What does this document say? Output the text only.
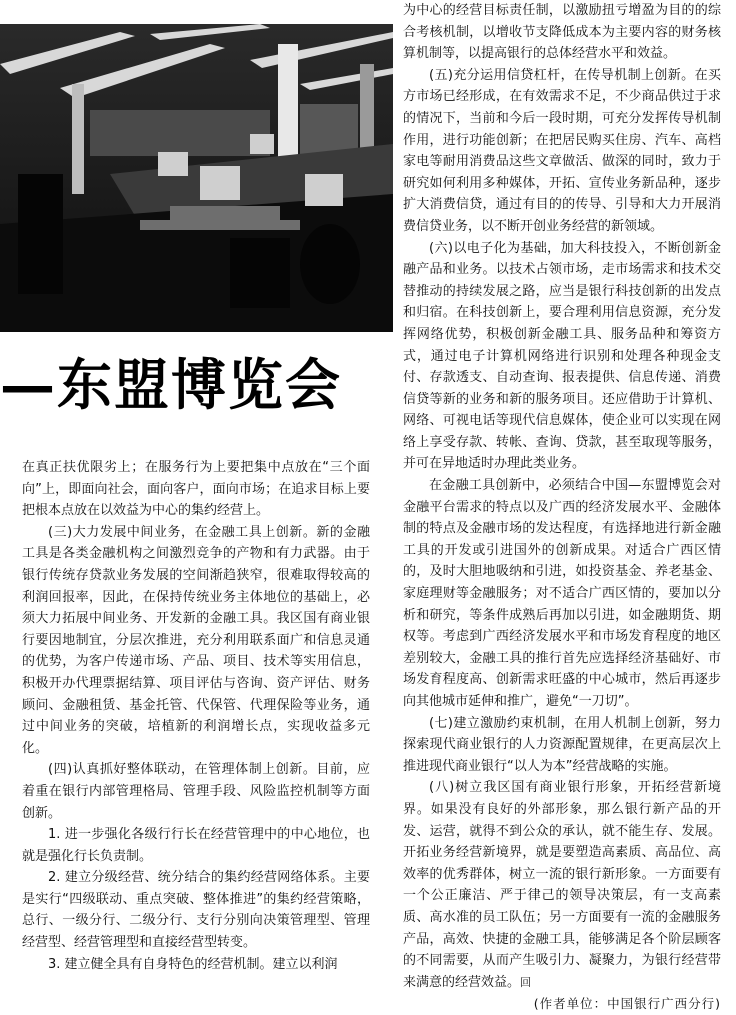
—东盟博览会

在真正扶优限劣上；在服务行为上要把集中点放在“三个面向”上，即面向社会，面向客户，面向市场；在追求目标上要把根本点放在以效益为中心的集约经营上。

(三)大力发展中间业务，在金融工具上创新。新的金融工具是各类金融机构之间激烈竞争的产物和有力武器。由于银行传统存贷款业务发展的空间渐趋狭窄，很难取得较高的利润回报率，因此，在保持传统业务主体地位的基础上，必须大力拓展中间业务、开发新的金融工具。我区国有商业银行要因地制宜，分层次推进，充分利用联系面广和信息灵通的优势，为客户传递市场、产品、项目、技术等实用信息，积极开办代理票据结算、项目评估与咨询、资产评估、财务顾问、金融租赁、基金托管、代保管、代理保险等业务，通过中间业务的突破，培植新的利润增长点，实现收益多元化。

(四)认真抓好整体联动，在管理体制上创新。目前，应着重在银行内部管理格局、管理手段、风险监控机制等方面创新。

1. 进一步强化各级行行长在经营管理中的中心地位，也就是强化行长负责制。

2. 建立分级经营、统分结合的集约经营网络体系。主要是实行“四级联动、重点突破、整体推进”的集约经营策略，总行、一级分行、二级分行、支行分别向决策管理型、管理经营型、经营管理型和直接经营型转变。

3. 建立健全具有自身特色的经营机制。建立以利润

为中心的经营目标责任制，以激励扭亏增盈为目的的综合考核机制，以增收节支降低成本为主要内容的财务核算机制等，以提高银行的总体经营水平和效益。

(五)充分运用信贷杠杆，在传导机制上创新。在买方市场已经形成，在有效需求不足，不少商品供过于求的情况下，当前和今后一段时期，可充分发挥传导机制作用，进行功能创新；在把居民购买住房、汽车、高档家电等耐用消费品这些文章做活、做深的同时，致力于研究如何利用多种媒体，开拓、宣传业务新品种，逐步扩大消费信贷，通过有目的的传导、引导和大力开展消费信贷业务，以不断开创业务经营的新领域。

(六)以电子化为基础，加大科技投入，不断创新金融产品和业务。以技术占领市场，走市场需求和技术交替推动的持续发展之路，应当是银行科技创新的出发点和归宿。在科技创新上，要合理利用信息资源，充分发挥网络优势，积极创新金融工具、服务品种和筹资方式，通过电子计算机网络进行识别和处理各种现金支付、存款透支、自动查询、报表提供、信息传递、消费信贷等新的业务和新的服务项目。还应借助于计算机、网络、可视电话等现代信息媒体，使企业可以实现在网络上享受存款、转帐、查询、贷款，甚至取现等服务，并可在异地适时办理此类业务。

在金融工具创新中，必须结合中国—东盟博览会对金融平台需求的特点以及广西的经济发展水平、金融体制的特点及金融市场的发达程度，有选择地进行新金融工具的开发或引进国外的创新成果。对适合广西区情的，及时大胆地吸纳和引进，如投资基金、养老基金、家庭理财等金融服务；对不适合广西区情的，要加以分析和研究，等条件成熟后再加以引进，如金融期货、期权等。考虑到广西经济发展水平和市场发育程度的地区差别较大，金融工具的推行首先应选择经济基础好、市场发育程度高、创新需求旺盛的中心城市，然后再逐步向其他城市延伸和推广，避免“一刀切”。

(七)建立激励约束机制，在用人机制上创新，努力探索现代商业银行的人力资源配置规律，在更高层次上推进现代商业银行“以人为本”经营战略的实施。

(八)树立我区国有商业银行形象，开拓经营新境界。如果没有良好的外部形象，那么银行新产品的开发、运营，就得不到公众的承认，就不能生存、发展。开拓业务经营新境界，就是要塑造高素质、高品位、高效率的优秀群体，树立一流的银行新形象。一方面要有一个公正廉洁、严于律己的领导决策层，有一支高素质、高水准的员工队伍；另一方面要有一流的金融服务产品，高效、快捷的金融工具，能够满足各个阶层顾客的不同需要，从而产生吸引力、凝聚力，为银行经营带来满意的经营效益。回

(作者单位：中国银行广西分行)
